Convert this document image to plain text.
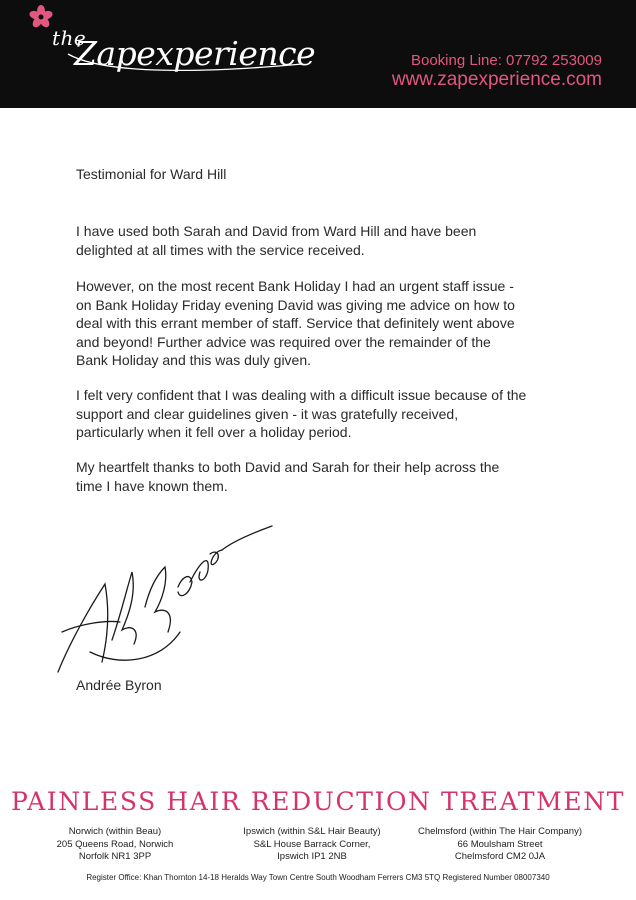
the
Zapexperience	Booking Line: 07792 253009
www.zapexperience.com
Testimonial for Ward Hill

I have used both Sarah and David from Ward Hill and have been
delighted at all times with the service received.

However, on the most recent Bank Holiday I had an urgent staff issue -
on Bank Holiday Friday evening David was giving me advice on how to
deal with this errant member of staff. Service that definitely went above
and beyond! Further advice was required over the remainder of the
Bank Holiday and this was duly given.

I felt very confident that I was dealing with a difficult issue because of the
support and clear guidelines given - it was gratefully received,
particularly when it fell over a holiday period.

My heartfelt thanks to both David and Sarah for their help across the
time I have known them.

Andrée Byron
PAINLESS HAIR REDUCTION TREATMENT
Norwich (within Beau)
205 Queens Road, Norwich
Norfolk NR1 3PP
Ipswich (within S&L Hair Beauty)
S&L House Barrack Corner,
Ipswich IP1 2NB
Chelmsford (within The Hair Company)
66 Moulsham Street
Chelmsford CM2 0JA
Register Office: Khan Thornton 14-18 Heralds Way Town Centre South Woodham Ferrers CM3 5TQ Registered Number 08007340
